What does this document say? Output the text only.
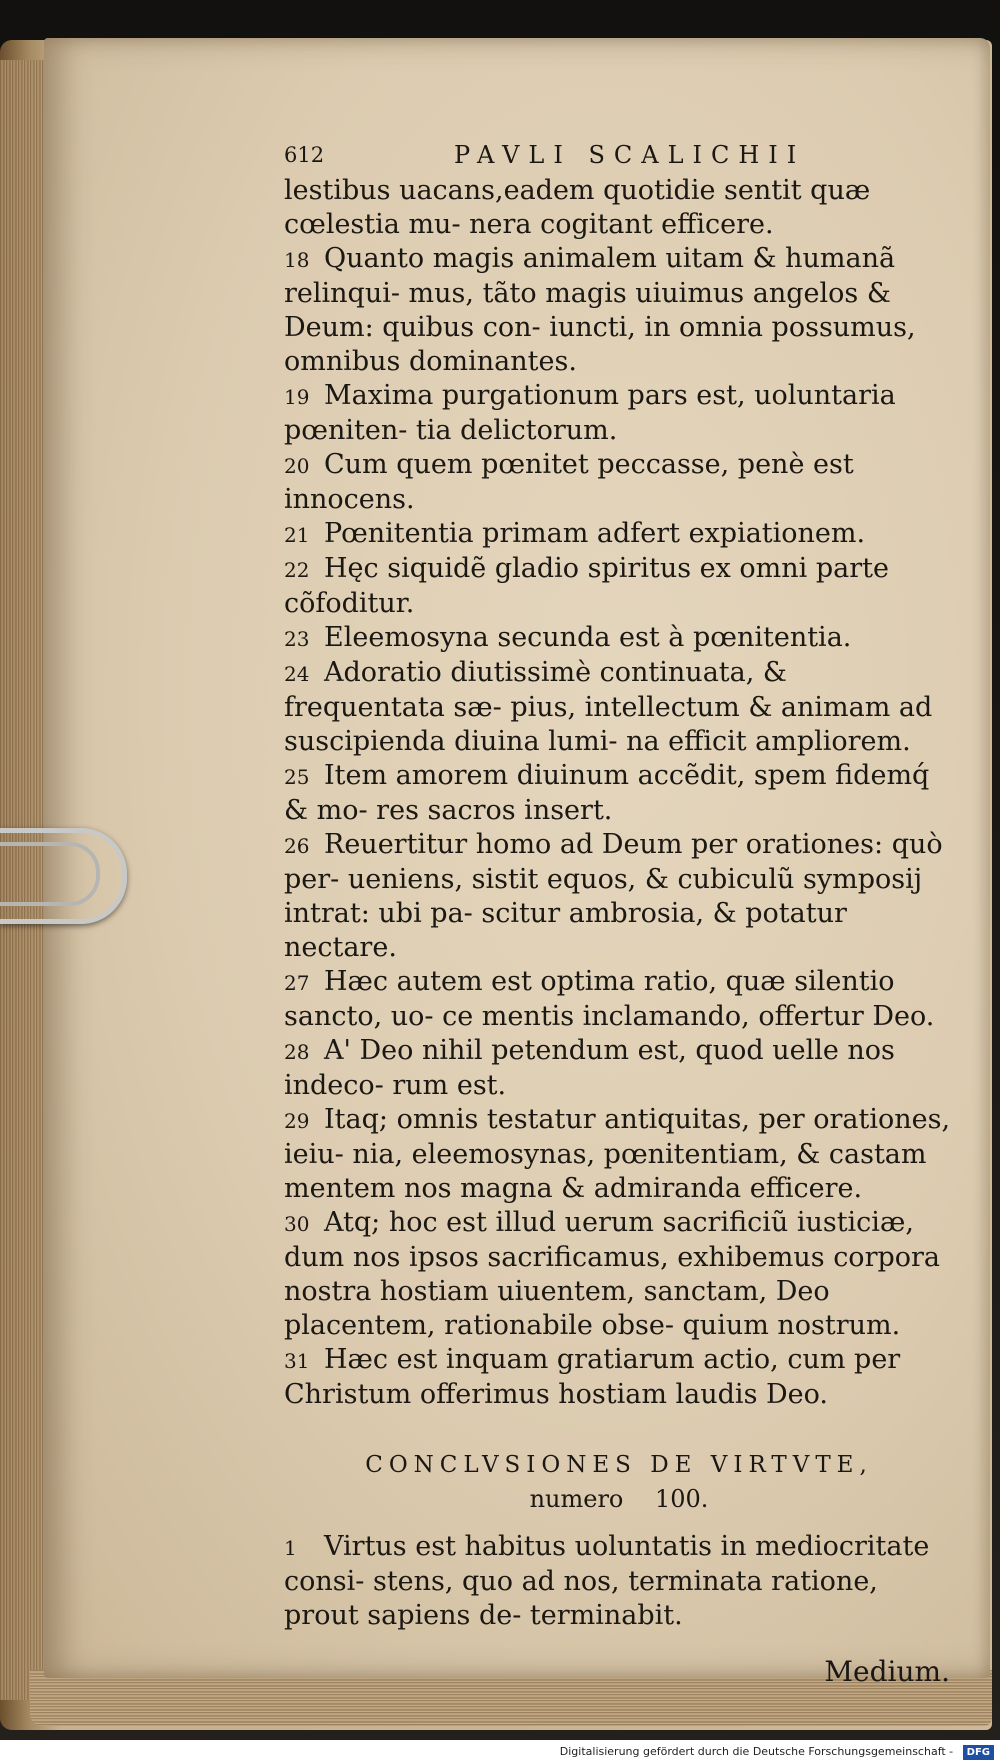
612	PAVLI SCALICHII

lestibus uacans,eadem quotidie sentit quæ cœlestia mu- nera cogitant efficere.

18 Quanto magis animalem uitam & humanã relinqui- mus, tãto magis uiuimus angelos & Deum: quibus con- iuncti, in omnia possumus, omnibus dominantes.

19 Maxima purgationum pars est, uoluntaria pœniten- tia delictorum.

20 Cum quem pœnitet peccasse, penè est innocens.

21 Pœnitentia primam adfert expiationem.

22 Hęc siquidẽ gladio spiritus ex omni parte cõfoditur.

23 Eleemosyna secunda est à pœnitentia.

24 Adoratio diutissimè continuata, & frequentata sæ- pius, intellectum & animam ad suscipienda diuina lumi- na efficit ampliorem.

25 Item amorem diuinum accẽdit, spem fidemq́ & mo- res sacros insert.

26 Reuertitur homo ad Deum per orationes: quò per- ueniens, sistit equos, & cubiculũ symposij intrat: ubi pa- scitur ambrosia, & potatur nectare.

27 Hæc autem est optima ratio, quæ silentio sancto, uo- ce mentis inclamando, offertur Deo.

28 A' Deo nihil petendum est, quod uelle nos indeco- rum est.

29 Itaq; omnis testatur antiquitas, per orationes, ieiu- nia, eleemosynas, pœnitentiam, & castam mentem nos magna & admiranda efficere.

30 Atq; hoc est illud uerum sacrificiũ iusticiæ, dum nos ipsos sacrificamus, exhibemus corpora nostra hostiam uiuentem, sanctam, Deo placentem, rationabile obse- quium nostrum.

31 Hæc est inquam gratiarum actio, cum per Christum offerimus hostiam laudis Deo.

CONCLVSIONES DE VIRTVTE,
numero 100.

1 Virtus est habitus uoluntatis in mediocritate consi- stens, quo ad nos, terminata ratione, prout sapiens de- terminabit.

Medium.
Digitalisierung gefördert durch die Deutsche Forschungsgemeinschaft - DFG
